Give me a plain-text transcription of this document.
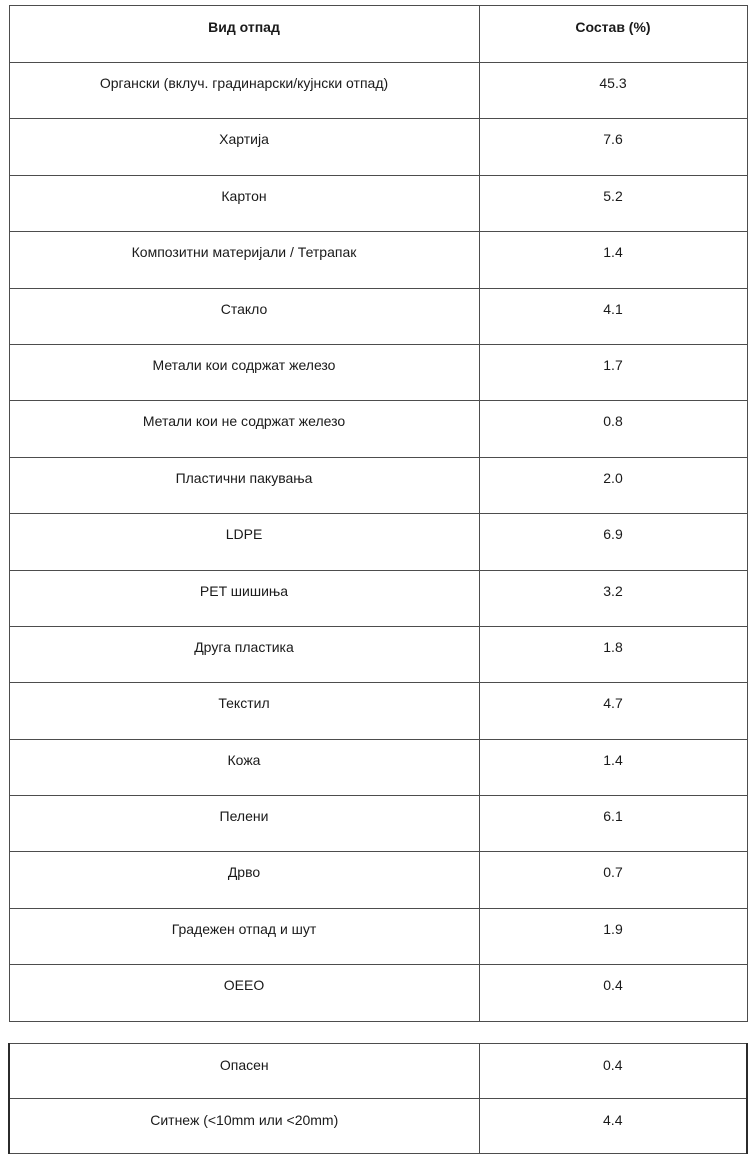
Вид отпад	Состав (%)
Органски (вклуч. градинарски/кујнски отпад)	45.3
Хартија	7.6
Картон	5.2
Композитни материјали / Тетрапак	1.4
Стакло	4.1
Метали кои содржат железо	1.7
Метали кои не содржат железо	0.8
Пластични пакувања	2.0
LDPE	6.9
PET шишиња	3.2
Друга пластика	1.8
Текстил	4.7
Кожа	1.4
Пелени	6.1
Дрво	0.7
Градежен отпад и шут	1.9
OEEO	0.4

Опасен	0.4
Ситнеж (<10mm или <20mm)	4.4
